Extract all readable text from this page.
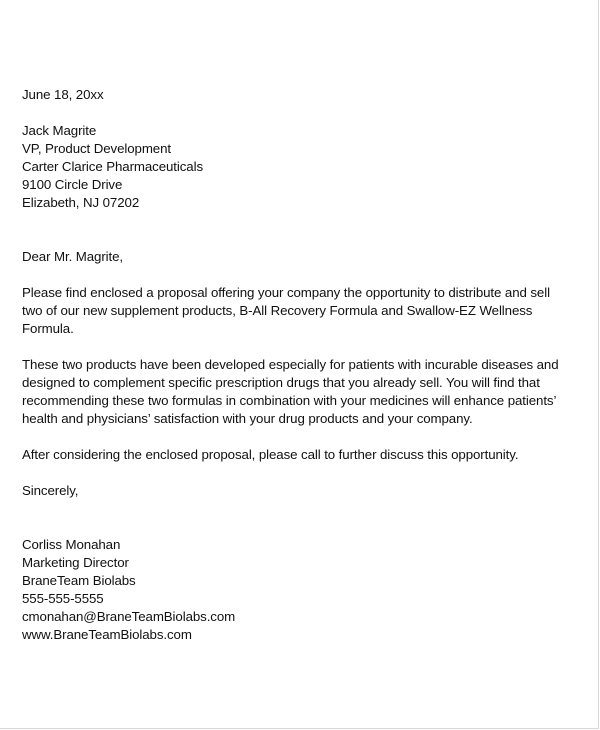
June 18, 20xx
Jack Magrite
VP, Product Development
Carter Clarice Pharmaceuticals
9100 Circle Drive
Elizabeth, NJ 07202
Dear Mr. Magrite,
Please find enclosed a proposal offering your company the opportunity to distribute and sell
two of our new supplement products, B-All Recovery Formula and Swallow-EZ Wellness
Formula.
These two products have been developed especially for patients with incurable diseases and
designed to complement specific prescription drugs that you already sell. You will find that
recommending these two formulas in combination with your medicines will enhance patients’
health and physicians’ satisfaction with your drug products and your company.
After considering the enclosed proposal, please call to further discuss this opportunity.
Sincerely,
Corliss Monahan
Marketing Director
BraneTeam Biolabs
555-555-5555
cmonahan@BraneTeamBiolabs.com
www.BraneTeamBiolabs.com
